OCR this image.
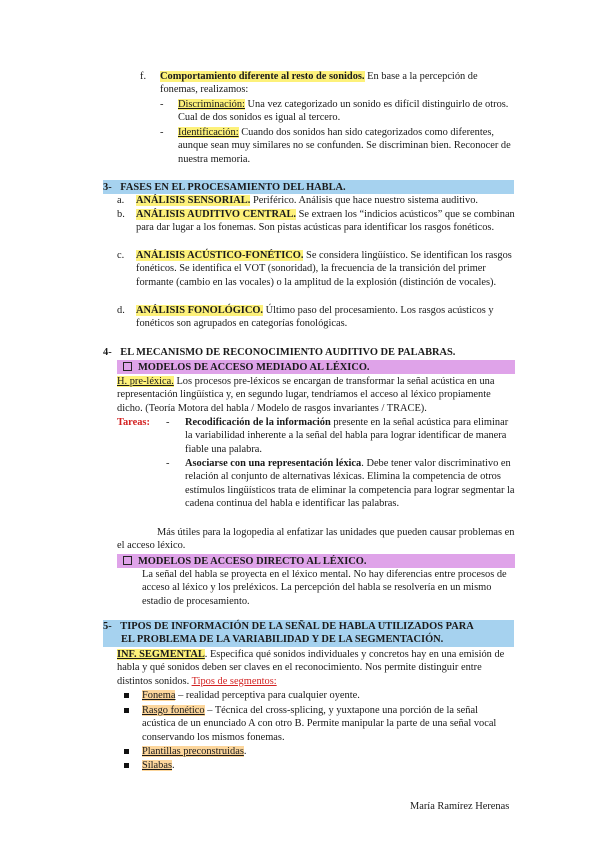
f. Comportamiento diferente al resto de sonidos. En base a la percepción de fonemas, realizamos:
- Discriminación: Una vez categorizado un sonido es difícil distinguirlo de otros. Cual de dos sonidos es igual al tercero.
- Identificación: Cuando dos sonidos han sido categorizados como diferentes, aunque sean muy similares no se confunden. Se discriminan bien. Reconocer de nuestra memoria.
3- FASES EN EL PROCESAMIENTO DEL HABLA.
a. ANÁLISIS SENSORIAL. Periférico. Análisis que hace nuestro sistema auditivo.
b. ANÁLISIS AUDITIVO CENTRAL. Se extraen los “indicios acústicos” que se combinan para dar lugar a los fonemas. Son pistas acústicas para identificar los rasgos fonéticos.
c. ANÁLISIS ACÚSTICO-FONÉTICO. Se considera lingüístico. Se identifican los rasgos fonéticos. Se identifica el VOT (sonoridad), la frecuencia de la transición del primer formante (cambio en las vocales) o la amplitud de la explosión (distinción de vocales).
d. ANÁLISIS FONOLÓGICO. Último paso del procesamiento. Los rasgos acústicos y fonéticos son agrupados en categorías fonológicas.
4- EL MECANISMO DE RECONOCIMIENTO AUDITIVO DE PALABRAS.
MODELOS DE ACCESO MEDIADO AL LÉXICO.
H. pre-léxica. Los procesos pre-léxicos se encargan de transformar la señal acústica en una representación lingüística y, en segundo lugar, tendríamos el acceso al léxico propiamente dicho. (Teoría Motora del habla / Modelo de rasgos invariantes / TRACE).
Tareas: - Recodificación de la información presente en la señal acústica para eliminar la variabilidad inherente a la señal del habla para lograr identificar de manera fiable una palabra.
- Asociarse con una representación léxica. Debe tener valor discriminativo en relación al conjunto de alternativas léxicas. Elimina la competencia de otros estímulos lingüísticos trata de eliminar la competencia para lograr segmentar la cadena continua del habla e identificar las palabras.
Más útiles para la logopedia al enfatizar las unidades que pueden causar problemas en el acceso léxico.
MODELOS DE ACCESO DIRECTO AL LÉXICO.
La señal del habla se proyecta en el léxico mental. No hay diferencias entre procesos de acceso al léxico y los preléxicos. La percepción del habla se resolvería en un mismo estadio de procesamiento.
5- TIPOS DE INFORMACIÓN DE LA SEÑAL DE HABLA UTILIZADOS PARA
EL PROBLEMA DE LA VARIABILIDAD Y DE LA SEGMENTACIÓN.
INF. SEGMENTAL. Especifica qué sonidos individuales y concretos hay en una emisión de habla y qué sonidos deben ser claves en el reconocimiento. Nos permite distinguir entre distintos sonidos. Tipos de segmentos:
Fonema – realidad perceptiva para cualquier oyente.
Rasgo fonético – Técnica del cross-splicing, y yuxtapone una porción de la señal acústica de un enunciado A con otro B. Permite manipular la parte de una señal vocal conservando los mismos fonemas.
Plantillas preconstruidas.
Sílabas.
María Ramírez Herenas
